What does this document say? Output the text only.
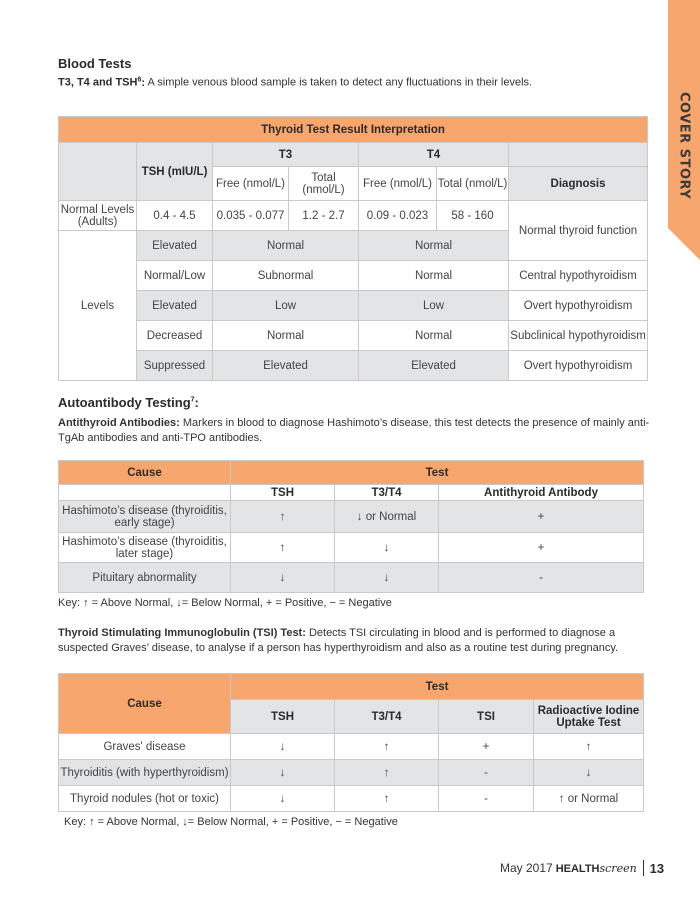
COVER STORY
Blood Tests
T3, T4 and TSH$^6$: A simple venous blood sample is taken to detect any fluctuations in their levels.
Thyroid Test Result Interpretation						
	TSH (mIU/L)	T3		T4		
		Free (nmol/L)	Total (nmol/L)	Free (nmol/L)	Total (nmol/L)	Diagnosis
Normal Levels (Adults)	0.4 - 4.5	0.035 - 0.077	1.2 - 2.7	0.09 - 0.023	58 - 160	Normal thyroid function
Levels	Elevated	Normal		Normal		
	Normal/Low	Subnormal		Normal		Central hypothyroidism
	Elevated	Low		Low		Overt hypothyroidism
	Decreased	Normal		Normal		Subclinical hypothyroidism
	Suppressed	Elevated		Elevated		Overt hypothyroidism
Autoantibody Testing$^7$:
Antithyroid Antibodies: Markers in blood to diagnose Hashimoto’s disease, this test detects the presence of mainly anti-TgAb antibodies and anti-TPO antibodies.
Cause	Test		
	TSH	T3/T4	Antithyroid Antibody
Hashimoto’s disease (thyroiditis, early stage)	↑	↓ or Normal	+
Hashimoto’s disease (thyroiditis, later stage)	↑	↓	+
Pituitary abnormality	↓	↓	-
Key: ↑ = Above Normal, ↓= Below Normal, + = Positive, − = Negative
Thyroid Stimulating Immunoglobulin (TSI) Test: Detects TSI circulating in blood and is performed to diagnose a suspected Graves’ disease, to analyse if a person has hyperthyroidism and also as a routine test during pregnancy.
Cause	Test			
	TSH	T3/T4	TSI	Radioactive Iodine Uptake Test
Graves' disease	↓	↑	+	↑
Thyroiditis (with hyperthyroidism)	↓	↑	-	↓
Thyroid nodules (hot or toxic)	↓	↑	-	↑ or Normal
Key: ↑ = Above Normal, ↓= Below Normal, + = Positive, − = Negative
May 2017 HEALTHscreen 13
